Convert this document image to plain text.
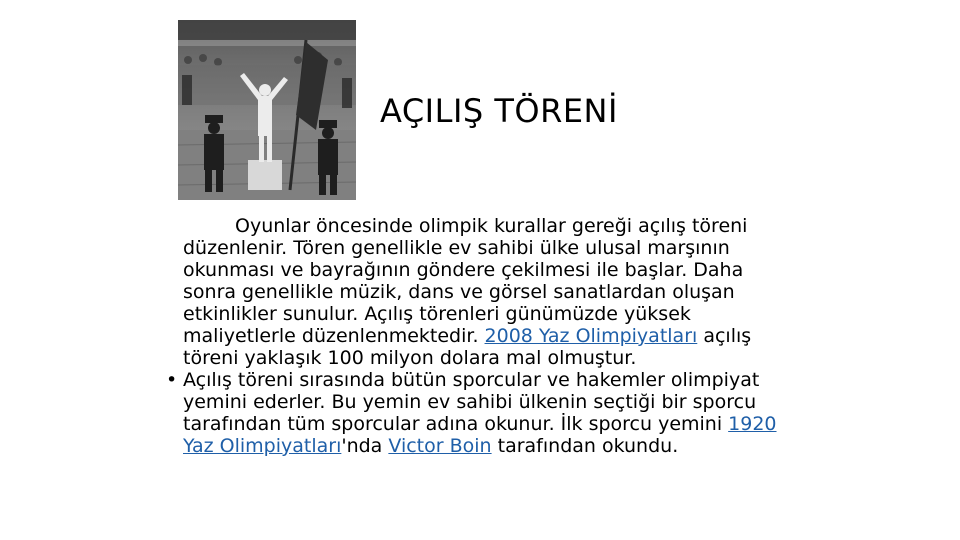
AÇILIŞ TÖRENİ

Oyunlar öncesinde olimpik kurallar gereği açılış töreni düzenlenir. Tören genellikle ev sahibi ülke ulusal marşının okunması ve bayrağının göndere çekilmesi ile başlar. Daha sonra genellikle müzik, dans ve görsel sanatlardan oluşan etkinlikler sunulur. Açılış törenleri günümüzde yüksek maliyetlerle düzenlenmektedir. 2008 Yaz Olimpiyatları açılış töreni yaklaşık 100 milyon dolara mal olmuştur.

• Açılış töreni sırasında bütün sporcular ve hakemler olimpiyat yemini ederler. Bu yemin ev sahibi ülkenin seçtiği bir sporcu tarafından tüm sporcular adına okunur. İlk sporcu yemini 1920 Yaz Olimpiyatları'nda Victor Boin tarafından okundu.
